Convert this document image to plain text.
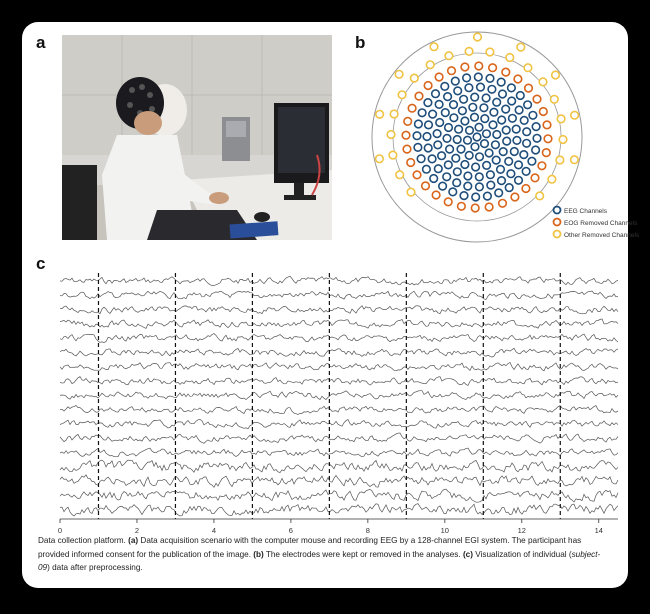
a	b
c
EEG Channels
EOG Removed Channels
Other Removed Channels
0	2	4	6	8	10	12	14
Data collection platform. (a) Data acquisition scenario with the computer mouse and recording EEG by a 128-channel EGI system. The participant has provided informed consent for the publication of the image. (b) The electrodes were kept or removed in the analyses. (c) Visualization of individual (subject-09) data after preprocessing.
心拓视点
